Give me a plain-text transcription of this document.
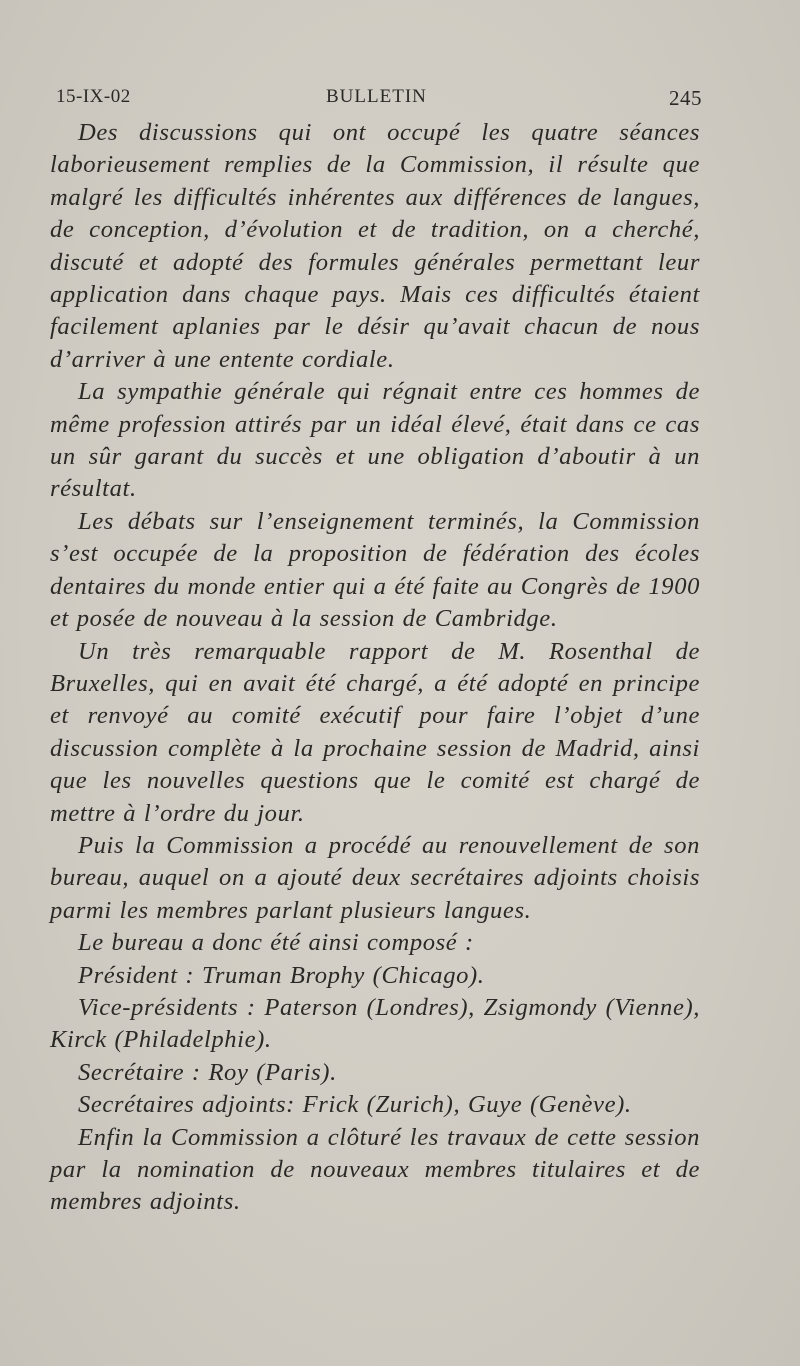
15-IX-02	BULLETIN	245

Des discussions qui ont occupé les quatre séances laborieusement remplies de la Commission, il résulte que malgré les difficultés inhérentes aux différences de langues, de conception, d’évolution et de tradition, on a cherché, discuté et adopté des formules générales permettant leur application dans chaque pays. Mais ces difficultés étaient facilement aplanies par le désir qu’avait chacun de nous d’arriver à une entente cordiale.

La sympathie générale qui régnait entre ces hommes de même profession attirés par un idéal élevé, était dans ce cas un sûr garant du succès et une obligation d’aboutir à un résultat.

Les débats sur l’enseignement terminés, la Commission s’est occupée de la proposition de fédération des écoles dentaires du monde entier qui a été faite au Congrès de 1900 et posée de nouveau à la session de Cambridge.

Un très remarquable rapport de M. Rosenthal de Bruxelles, qui en avait été chargé, a été adopté en principe et renvoyé au comité exécutif pour faire l’objet d’une discussion complète à la prochaine session de Madrid, ainsi que les nouvelles questions que le comité est chargé de mettre à l’ordre du jour.

Puis la Commission a procédé au renouvellement de son bureau, auquel on a ajouté deux secrétaires adjoints choisis parmi les membres parlant plusieurs langues.

Le bureau a donc été ainsi composé :

Président : Truman Brophy (Chicago).

Vice-présidents : Paterson (Londres), Zsigmondy (Vienne), Kirck (Philadelphie).

Secrétaire : Roy (Paris).

Secrétaires adjoints: Frick (Zurich), Guye (Genève).

Enfin la Commission a clôturé les travaux de cette session par la nomination de nouveaux membres titulaires et de membres adjoints.
